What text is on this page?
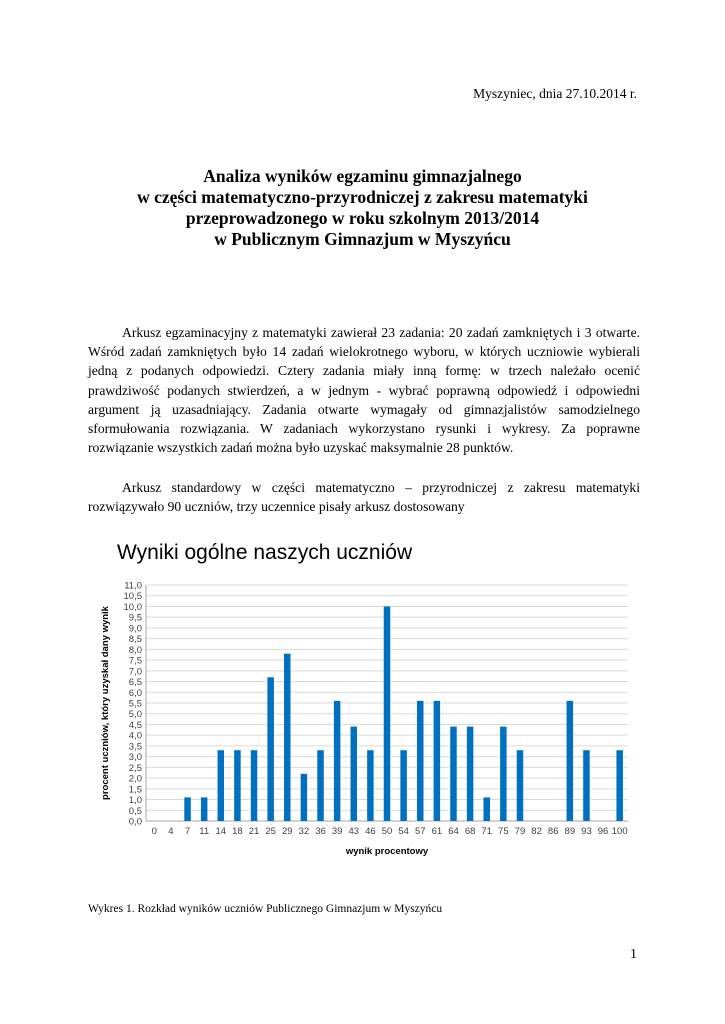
Myszyniec, dnia 27.10.2014 r.
Analiza wyników egzaminu gimnazjalnego
w części matematyczno-przyrodniczej z zakresu matematyki
przeprowadzonego w roku szkolnym 2013/2014
w Publicznym Gimnazjum w Myszyńcu

Arkusz egzaminacyjny z matematyki zawierał 23 zadania: 20 zadań zamkniętych i 3 otwarte. Wśród zadań zamkniętych było 14 zadań wielokrotnego wyboru, w których uczniowie wybierali jedną z podanych odpowiedzi. Cztery zadania miały inną formę: w trzech należało ocenić prawdziwość podanych stwierdzeń, a w jednym - wybrać poprawną odpowiedź i odpowiedni argument ją uzasadniający. Zadania otwarte wymagały od gimnazjalistów samodzielnego sformułowania rozwiązania. W zadaniach wykorzystano rysunki i wykresy. Za poprawne rozwiązanie wszystkich zadań można było uzyskać maksymalnie 28 punktów.

Arkusz standardowy w części matematyczno – przyrodniczej z zakresu matematyki rozwiązywało 90 uczniów, trzy uczennice pisały arkusz dostosowany

Wyniki ogólne naszych uczniów
0,0
0,5
1,0
1,5
2,0
2,5
3,0
3,5
4,0
4,5
5,0
5,5
6,0
6,5
7,0
7,5
8,0
8,5
9,0
9,5
10,0
10,5
11,0
0 4 7 11 14 18 21 25 29 32 36 39 43 46 50 54 57 61 64 68 71 75 79 82 86 89 93 96 100
wynik procentowy
procent uczniów, który uzyskał dany wynik
Wykres 1. Rozkład wyników uczniów Publicznego Gimnazjum w Myszyńcu
1
